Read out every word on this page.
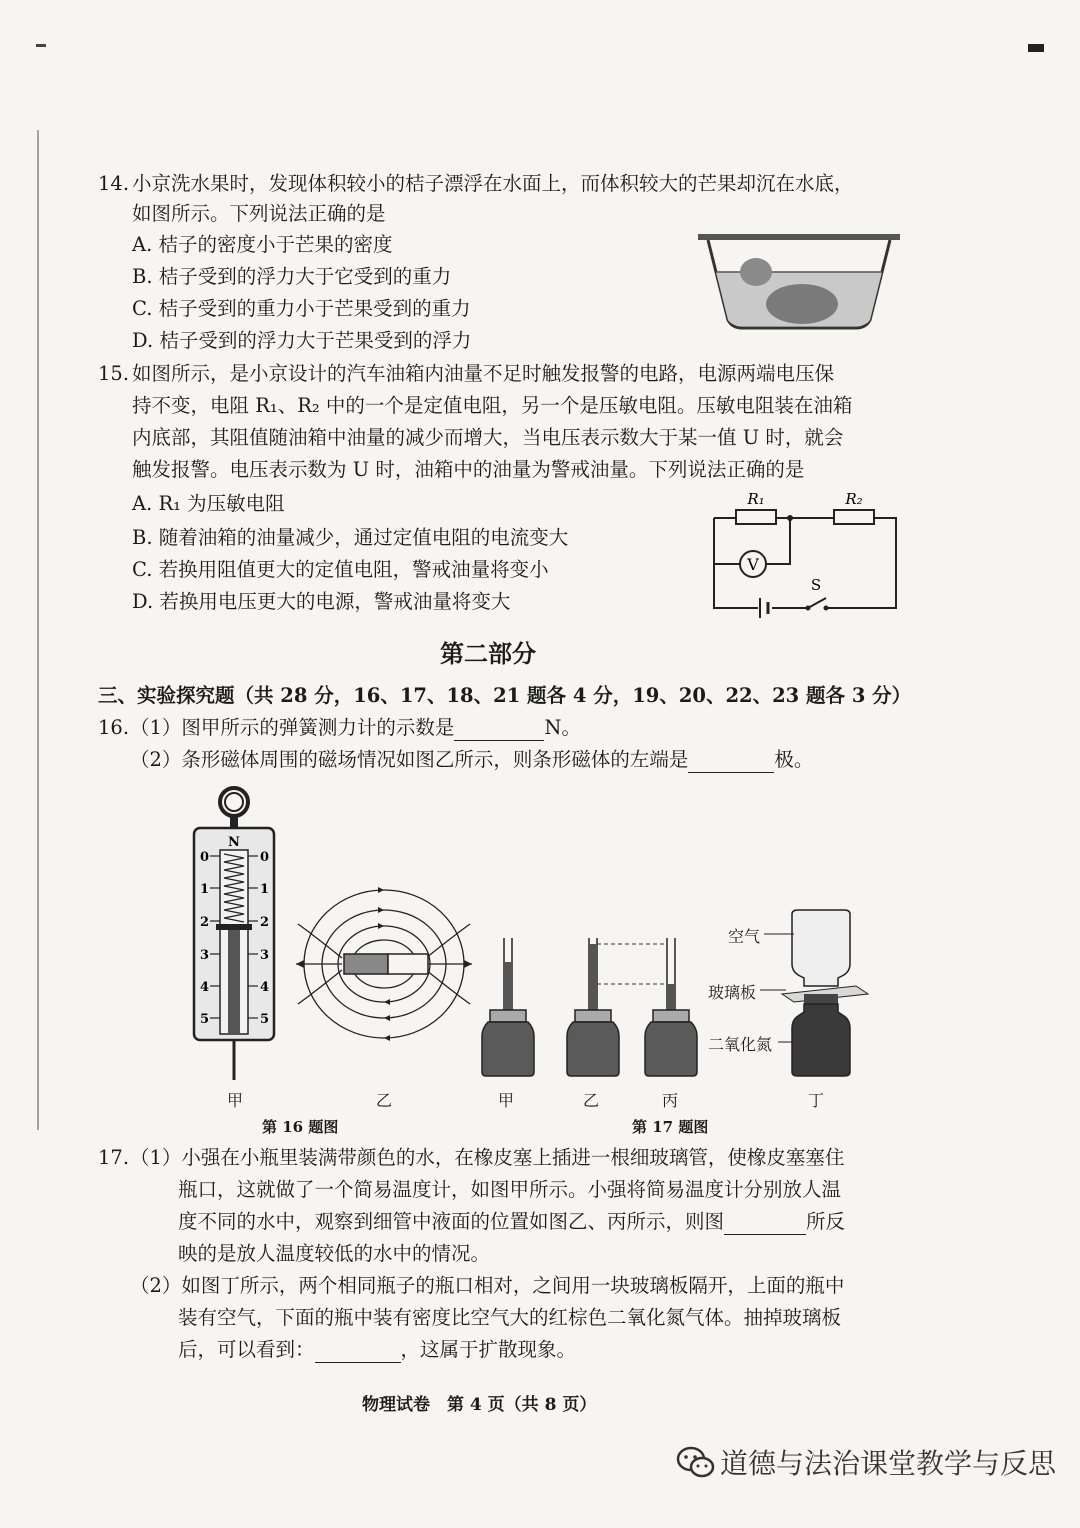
14. 小京洗水果时，发现体积较小的桔子漂浮在水面上，而体积较大的芒果却沉在水底，
如图所示。下列说法正确的是
A. 桔子的密度小于芒果的密度
B. 桔子受到的浮力大于它受到的重力
C. 桔子受到的重力小于芒果受到的重力
D. 桔子受到的浮力大于芒果受到的浮力
15. 如图所示，是小京设计的汽车油箱内油量不足时触发报警的电路，电源两端电压保
持不变，电阻 R₁、R₂ 中的一个是定值电阻，另一个是压敏电阻。压敏电阻装在油箱
内底部，其阻值随油箱中油量的减少而增大，当电压表示数大于某一值 U 时，就会
触发报警。电压表示数为 U 时，油箱中的油量为警戒油量。下列说法正确的是
A. R₁ 为压敏电阻
B. 随着油箱的油量减少，通过定值电阻的电流变大
C. 若换用阻值更大的定值电阻，警戒油量将变小
D. 若换用电压更大的电源，警戒油量将变大
V
R₁	R₂
S
第二部分
三、实验探究题（共 28 分，16、17、18、21 题各 4 分，19、20、22、23 题各 3 分）
16. （1）图甲所示的弹簧测力计的示数是	N。
（2）条形磁体周围的磁场情况如图乙所示，则条形磁体的左端是	极。
N
0	0
1	1
2	2
3	3
4	4
5	5
甲	乙	甲	乙	丙	丁
空气
玻璃板
二氧化氮
第 16 题图	第 17 题图
17. （1）小强在小瓶里装满带颜色的水，在橡皮塞上插进一根细玻璃管，使橡皮塞塞住
瓶口，这就做了一个简易温度计，如图甲所示。小强将简易温度计分别放人温
度不同的水中，观察到细管中液面的位置如图乙、丙所示，则图	所反
映的是放人温度较低的水中的情况。
（2）如图丁所示，两个相同瓶子的瓶口相对，之间用一块玻璃板隔开，上面的瓶中
装有空气，下面的瓶中装有密度比空气大的红棕色二氧化氮气体。抽掉玻璃板
后，可以看到：	，这属于扩散现象。
物理试卷　第 4 页（共 8 页）
道德与法治课堂教学与反思
